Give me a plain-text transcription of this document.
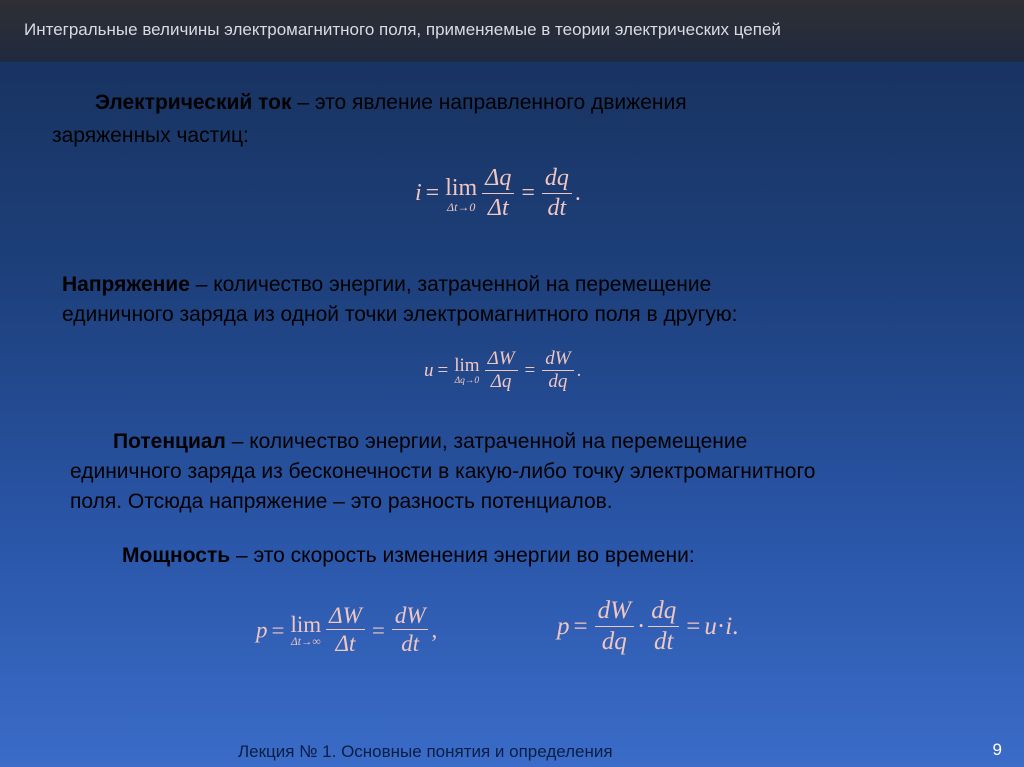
Интегральные величины электромагнитного поля, применяемые в теории электрических цепей
Электрический ток – это явление направленного движения
заряженных частиц:
i = lim
$\Delta t\to 0 \frac{\Delta q}{\Delta t} = \frac{dq}{dt}$ .
Напряжение – количество энергии, затраченной на перемещение
единичного заряда из одной точки электромагнитного поля в другую:
u = lim
$\Delta q\to 0 \frac{\Delta W}{\Delta q} = \frac{dW}{dq}$ .
Потенциал – количество энергии, затраченной на перемещение
единичного заряда из бесконечности в какую-либо точку электромагнитного
поля. Отсюда напряжение – это разность потенциалов.
Мощность – это скорость изменения энергии во времени:
p = lim
$\Delta t\to\infty \frac{\Delta W}{\Delta t} = \frac{dW}{dt}$ ,	$p = \frac{dW}{dq} \cdot \frac{dq}{dt} = u\cdot i$.
Лекция № 1. Основные понятия и определения	9
